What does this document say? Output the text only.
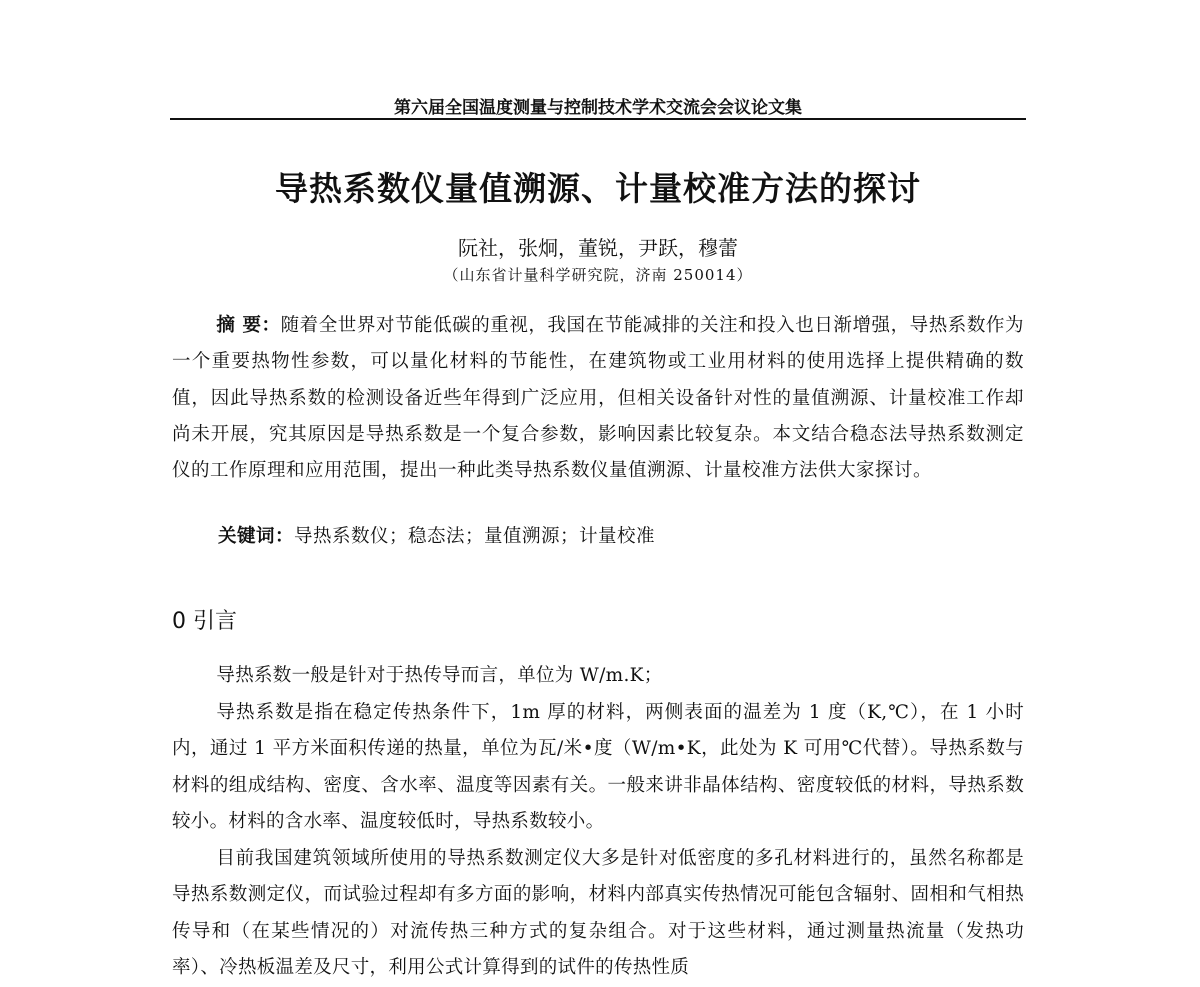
第六届全国温度测量与控制技术学术交流会会议论文集
导热系数仪量值溯源、计量校准方法的探讨
阮社，张炯，董锐，尹跃，穆蕾
（山东省计量科学研究院，济南 250014）
摘 要：随着全世界对节能低碳的重视，我国在节能减排的关注和投入也日渐增强，导热系数作为一个重要热物性参数，可以量化材料的节能性，在建筑物或工业用材料的使用选择上提供精确的数值，因此导热系数的检测设备近些年得到广泛应用，但相关设备针对性的量值溯源、计量校准工作却尚未开展，究其原因是导热系数是一个复合参数，影响因素比较复杂。本文结合稳态法导热系数测定仪的工作原理和应用范围，提出一种此类导热系数仪量值溯源、计量校准方法供大家探讨。
关键词：导热系数仪；稳态法；量值溯源；计量校准
0 引言

导热系数一般是针对于热传导而言，单位为 W/m.K；

导热系数是指在稳定传热条件下，1m 厚的材料，两侧表面的温差为 1 度（K,℃），在 1 小时内，通过 1 平方米面积传递的热量，单位为瓦/米•度（W/m•K，此处为 K 可用℃代替）。导热系数与材料的组成结构、密度、含水率、温度等因素有关。一般来讲非晶体结构、密度较低的材料，导热系数较小。材料的含水率、温度较低时，导热系数较小。

目前我国建筑领域所使用的导热系数测定仪大多是针对低密度的多孔材料进行的，虽然名称都是导热系数测定仪，而试验过程却有多方面的影响，材料内部真实传热情况可能包含辐射、固相和气相热传导和（在某些情况的）对流传热三种方式的复杂组合。对于这些材料，通过测量热流量（发热功率）、冷热板温差及尺寸，利用公式计算得到的试件的传热性质
